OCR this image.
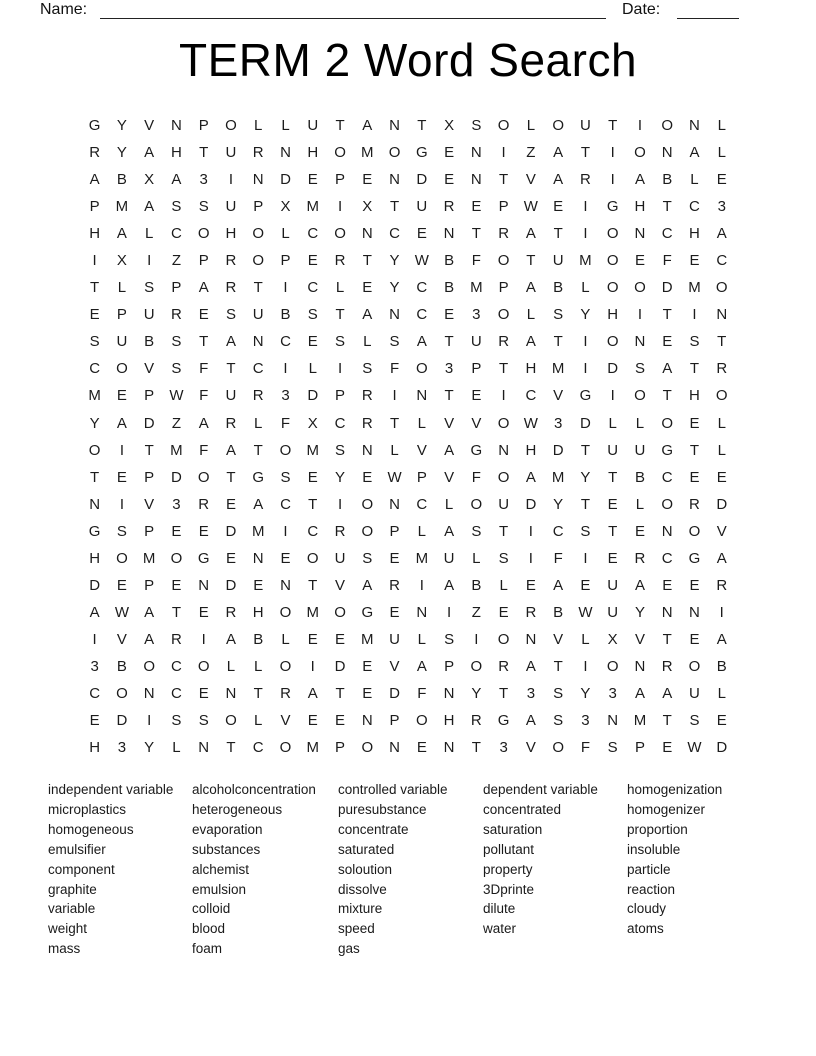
Name:	Date:
TERM 2 Word Search
G	Y	V	N	P	O	L	L	U	T	A	N	T	X	S	O	L	O	U	T	I	O	N	L
R	Y	A	H	T	U	R	N	H	O	M	O	G	E	N	I	Z	A	T	I	O	N	A	L
A	B	X	A	3	I	N	D	E	P	E	N	D	E	N	T	V	A	R	I	A	B	L	E
P	M	A	S	S	U	P	X	M	I	X	T	U	R	E	P	W	E	I	G	H	T	C	3
H	A	L	C	O	H	O	L	C	O	N	C	E	N	T	R	A	T	I	O	N	C	H	A
I	X	I	Z	P	R	O	P	E	R	T	Y	W	B	F	O	T	U	M	O	E	F	E	C
T	L	S	P	A	R	T	I	C	L	E	Y	C	B	M	P	A	B	L	O	O	D	M	O
E	P	U	R	E	S	U	B	S	T	A	N	C	E	3	O	L	S	Y	H	I	T	I	N
S	U	B	S	T	A	N	C	E	S	L	S	A	T	U	R	A	T	I	O	N	E	S	T
C	O	V	S	F	T	C	I	L	I	S	F	O	3	P	T	H	M	I	D	S	A	T	R
M	E	P	W	F	U	R	3	D	P	R	I	N	T	E	I	C	V	G	I	O	T	H	O
Y	A	D	Z	A	R	L	F	X	C	R	T	L	V	V	O W	3	D	L	L	O	E	L
O	I	T	M	F	A	T	O	M	S	N	L	V	A	G	N	H	D	T	U	U	G	T	L
T	E	P	D	O	T	G	S	E	Y	E	W	P	V	F	O	A	M	Y	T	B	C	E	E
N	I	V	3	R	E	A	C	T	I	O	N	C	L	O	U	D	Y	T	E	L	O	R	D
G	S	P	E	E	D	M	I	C	R	O	P	L	A	S	T	I	C	S	T	E	N	O	V
H	O	M	O	G	E	N	E	O	U	S	E	M	U	L	S	I	F	I	E	R	C	G	A
D	E	P	E	N	D	E	N	T	V	A	R	I	A	B	L	E	A	E	U	A	E	E	R
A	W	A	T	E	R	H	O	M	O	G	E	N	I	Z	E	R	B	W U	Y	N	N	I
I	V	A	R	I	A	B	L	E	E	M	U	L	S	I	O	N	V	L	X	V	T	E	A
3	B	O	C	O	L	L	O	I	D	E	V	A	P	O	R	A	T	I	O	N	R	O	B
C	O	N	C	E	N	T	R	A	T	E	D	F	N	Y	T	3	S	Y	3	A	A	U	L
E	D	I	S	S	O	L	V	E	E	N	P	O	H	R	G	A	S	3	N	M	T	S	E
H	3	Y	L	N	T	C	O	M	P	O	N	E	N	T	3	V	O	F	S	P	E	W D
independent variable
microplastics
homogeneous
emulsifier
component
graphite
variable
weight
mass
alcoholconcentration
heterogeneous
evaporation
substances
alchemist
emulsion
colloid
blood
foam
controlled variable
puresubstance
concentrate
saturated
soloution
dissolve
mixture
speed
gas
dependent variable
concentrated
saturation
pollutant
property
3Dprinte
dilute
water
homogenization
homogenizer
proportion
insoluble
particle
reaction
cloudy
atoms
